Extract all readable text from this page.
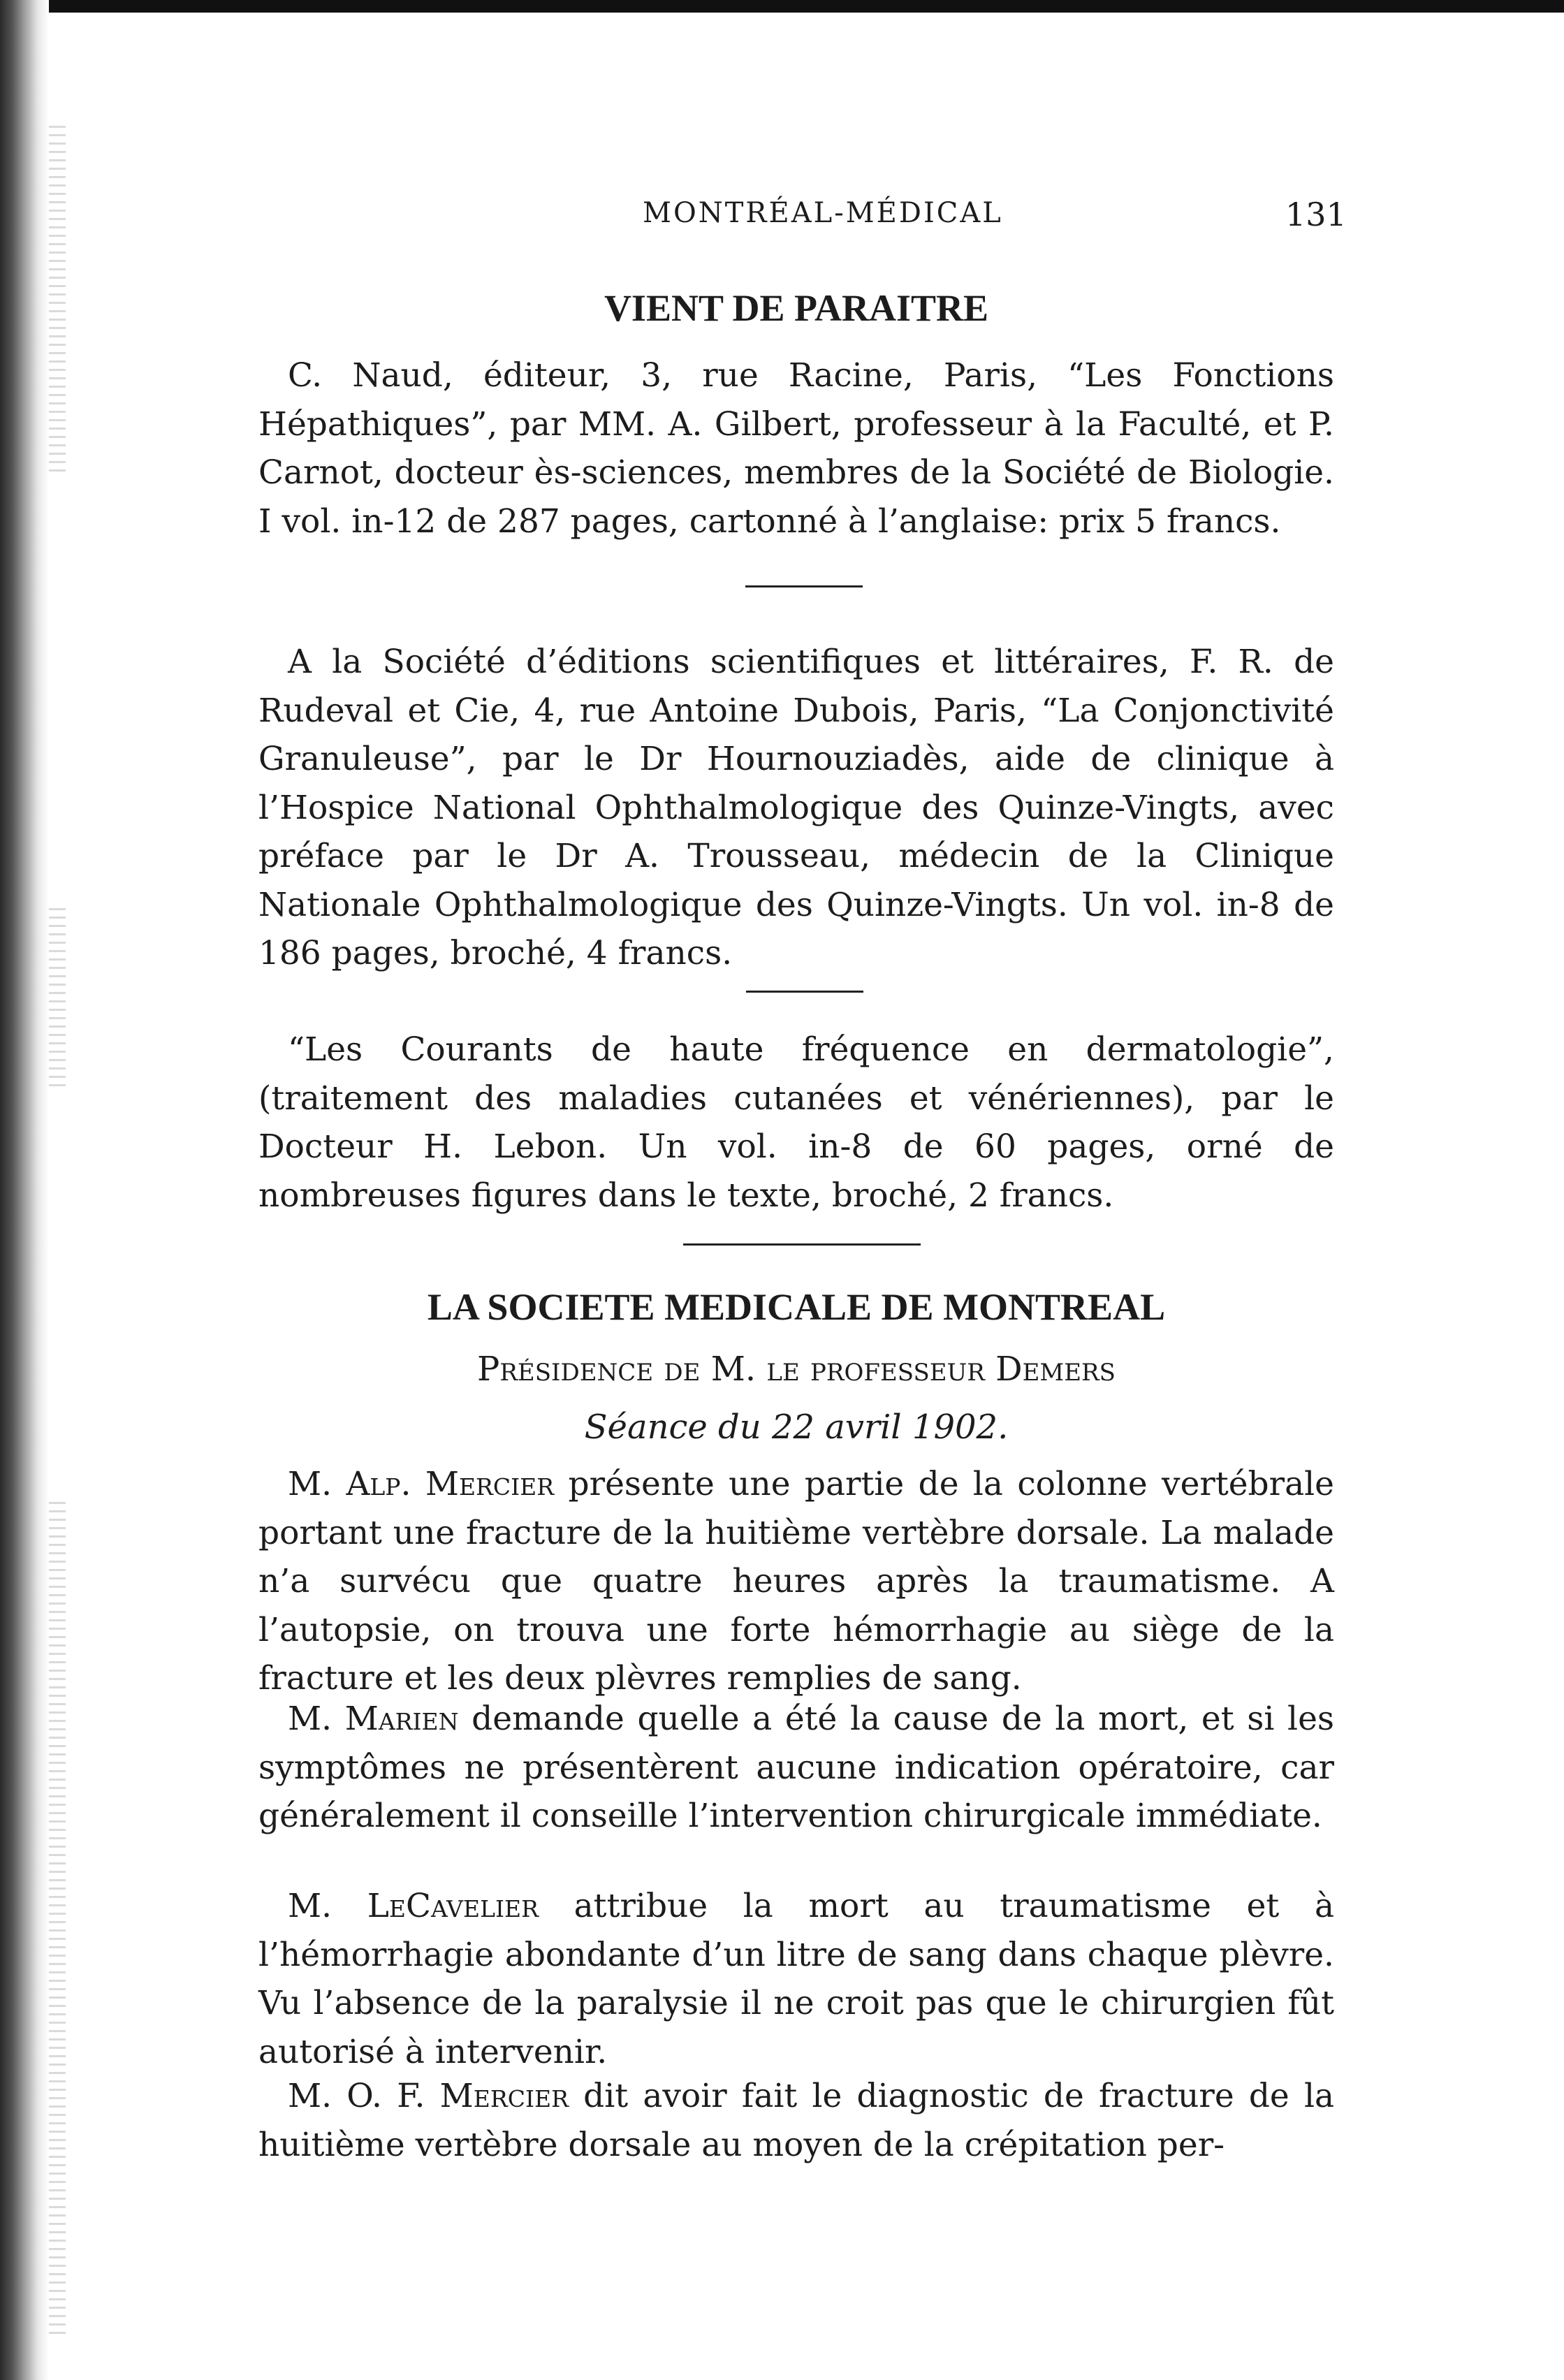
MONTRÉAL-MÉDICAL	131
VIENT DE PARAITRE
C. Naud, éditeur, 3, rue Racine, Paris, “Les Fonctions Hépathiques”, par MM. A. Gilbert, professeur à la Faculté, et P. Carnot, docteur ès-sciences, membres de la Société de Biologie. I vol. in-12 de 287 pages, cartonné à l’anglaise: prix 5 francs.
A la Société d’éditions scientifiques et littéraires, F. R. de Rudeval et Cie, 4, rue Antoine Dubois, Paris, “La Conjonctivité Granuleuse”, par le Dr Hournouziadès, aide de clinique à l’Hospice National Ophthalmologique des Quinze-Vingts, avec préface par le Dr A. Trousseau, médecin de la Clinique Nationale Ophthalmologique des Quinze-Vingts. Un vol. in-8 de 186 pages, broché, 4 francs.
“Les Courants de haute fréquence en dermatologie”, (traitement des maladies cutanées et vénériennes), par le Docteur H. Lebon. Un vol. in-8 de 60 pages, orné de nombreuses figures dans le texte, broché, 2 francs.
LA SOCIETE MEDICALE DE MONTREAL
Présidence de M. le professeur Demers
Séance du 22 avril 1902.
M. Alp. Mercier présente une partie de la colonne vertébrale portant une fracture de la huitième vertèbre dorsale. La malade n’a survécu que quatre heures après la traumatisme. A l’autopsie, on trouva une forte hémorrhagie au siège de la fracture et les deux plèvres remplies de sang.
M. Marien demande quelle a été la cause de la mort, et si les symptômes ne présentèrent aucune indication opératoire, car généralement il conseille l’intervention chirurgicale immédiate.
M. LeCavelier attribue la mort au traumatisme et à l’hémorrhagie abondante d’un litre de sang dans chaque plèvre. Vu l’absence de la paralysie il ne croit pas que le chirurgien fût autorisé à intervenir.
M. O. F. Mercier dit avoir fait le diagnostic de fracture de la huitième vertèbre dorsale au moyen de la crépitation per-
